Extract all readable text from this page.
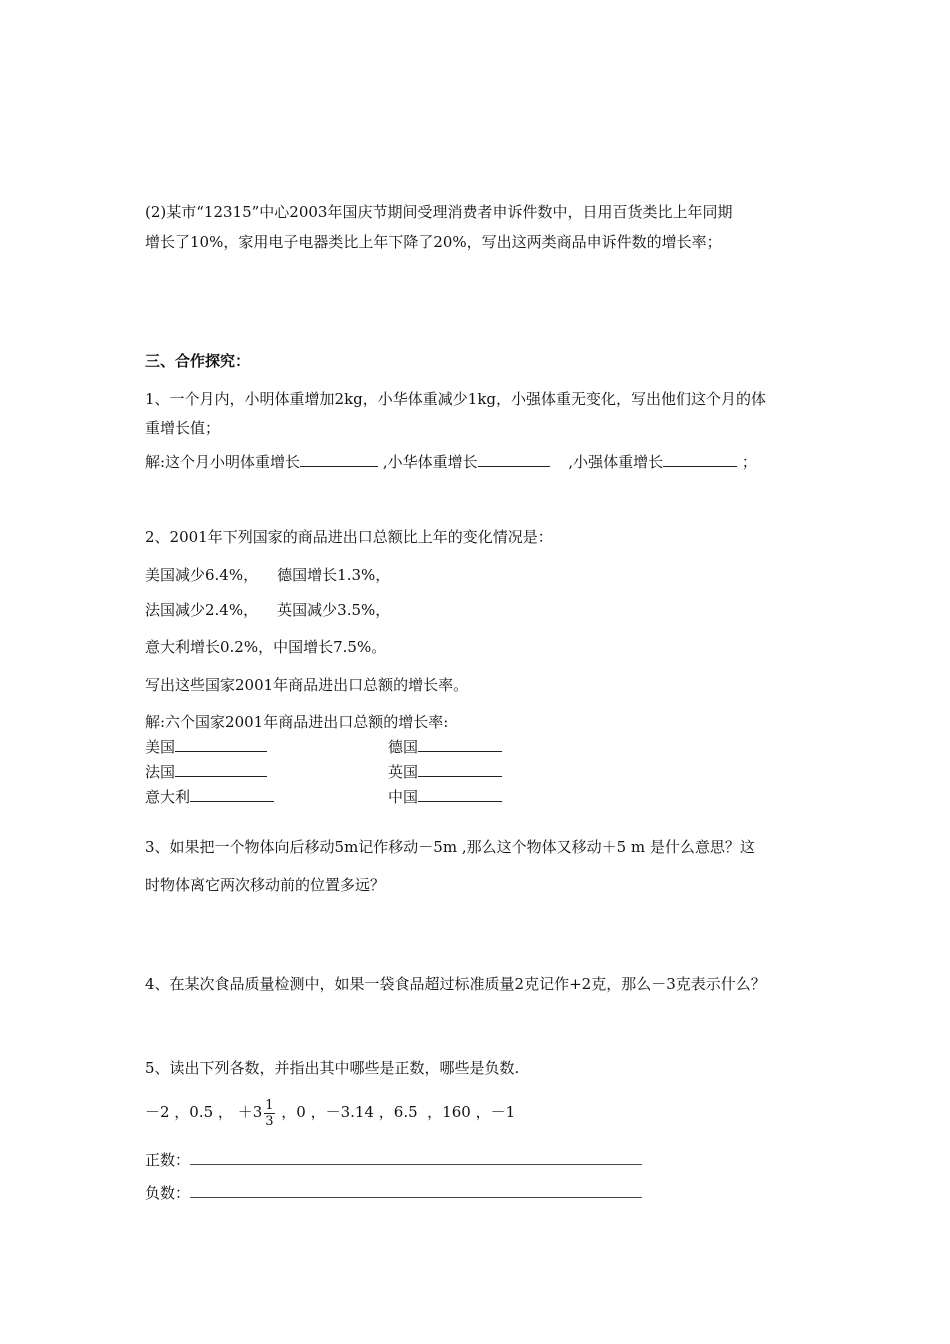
(2)某市“12315”中心2003年国庆节期间受理消费者申诉件数中，日用百货类比上年同期
增长了10%，家用电子电器类比上年下降了20%，写出这两类商品申诉件数的增长率；
三、合作探究：
1、一个月内，小明体重增加2kg，小华体重减少1kg，小强体重无变化，写出他们这个月的体
重增长值；
解:这个月小明体重增长	,小华体重增长	,小强体重增长	；
2、2001年下列国家的商品进出口总额比上年的变化情况是：
美国减少6.4%，    德国增长1.3%，
法国减少2.4%，    英国减少3.5%，
意大利增长0.2%，中国增长7.5%。
写出这些国家2001年商品进出口总额的增长率。
解:六个国家2001年商品进出口总额的增长率:
美国	德国
法国	英国
意大利	中国
3、如果把一个物体向后移动5m记作移动－5m ,那么这个物体又移动＋5 m 是什么意思？这
时物体离它两次移动前的位置多远？
4、在某次食品质量检测中，如果一袋食品超过标准质量2克记作+2克，那么－3克表示什么？
5、读出下列各数，并指出其中哪些是正数，哪些是负数.
－2 ，0.5 ， $+3 \frac{1}{3}$ ，0 ，－3.14 ，6.5  ，160 ，－1
正数：
负数：
